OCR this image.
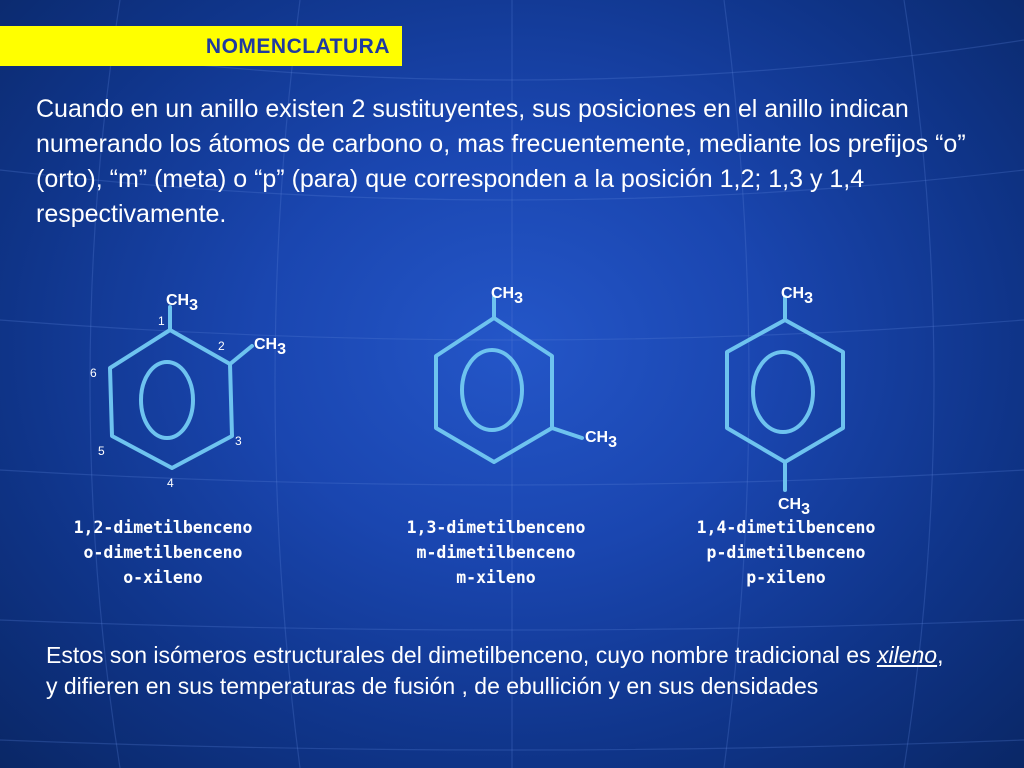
NOMENCLATURA
Cuando en un anillo existen 2 sustituyentes, sus posiciones en el anillo indican numerando los átomos de carbono o, mas frecuentemente, mediante los prefijos “o” (orto), “m” (meta) o “p” (para) que corresponden a la posición 1,2; 1,3 y 1,4 respectivamente.
CH3
CH3
1
2
3
4
5
6
CH3
CH3
CH3
CH3
1,2-dimetilbenceno
o-dimetilbenceno
o-xileno
1,3-dimetilbenceno
m-dimetilbenceno
m-xileno
1,4-dimetilbenceno
p-dimetilbenceno
p-xileno
Estos son isómeros estructurales del dimetilbenceno, cuyo nombre tradicional es xileno, y difieren en sus temperaturas de fusión , de ebullición y en sus densidades
